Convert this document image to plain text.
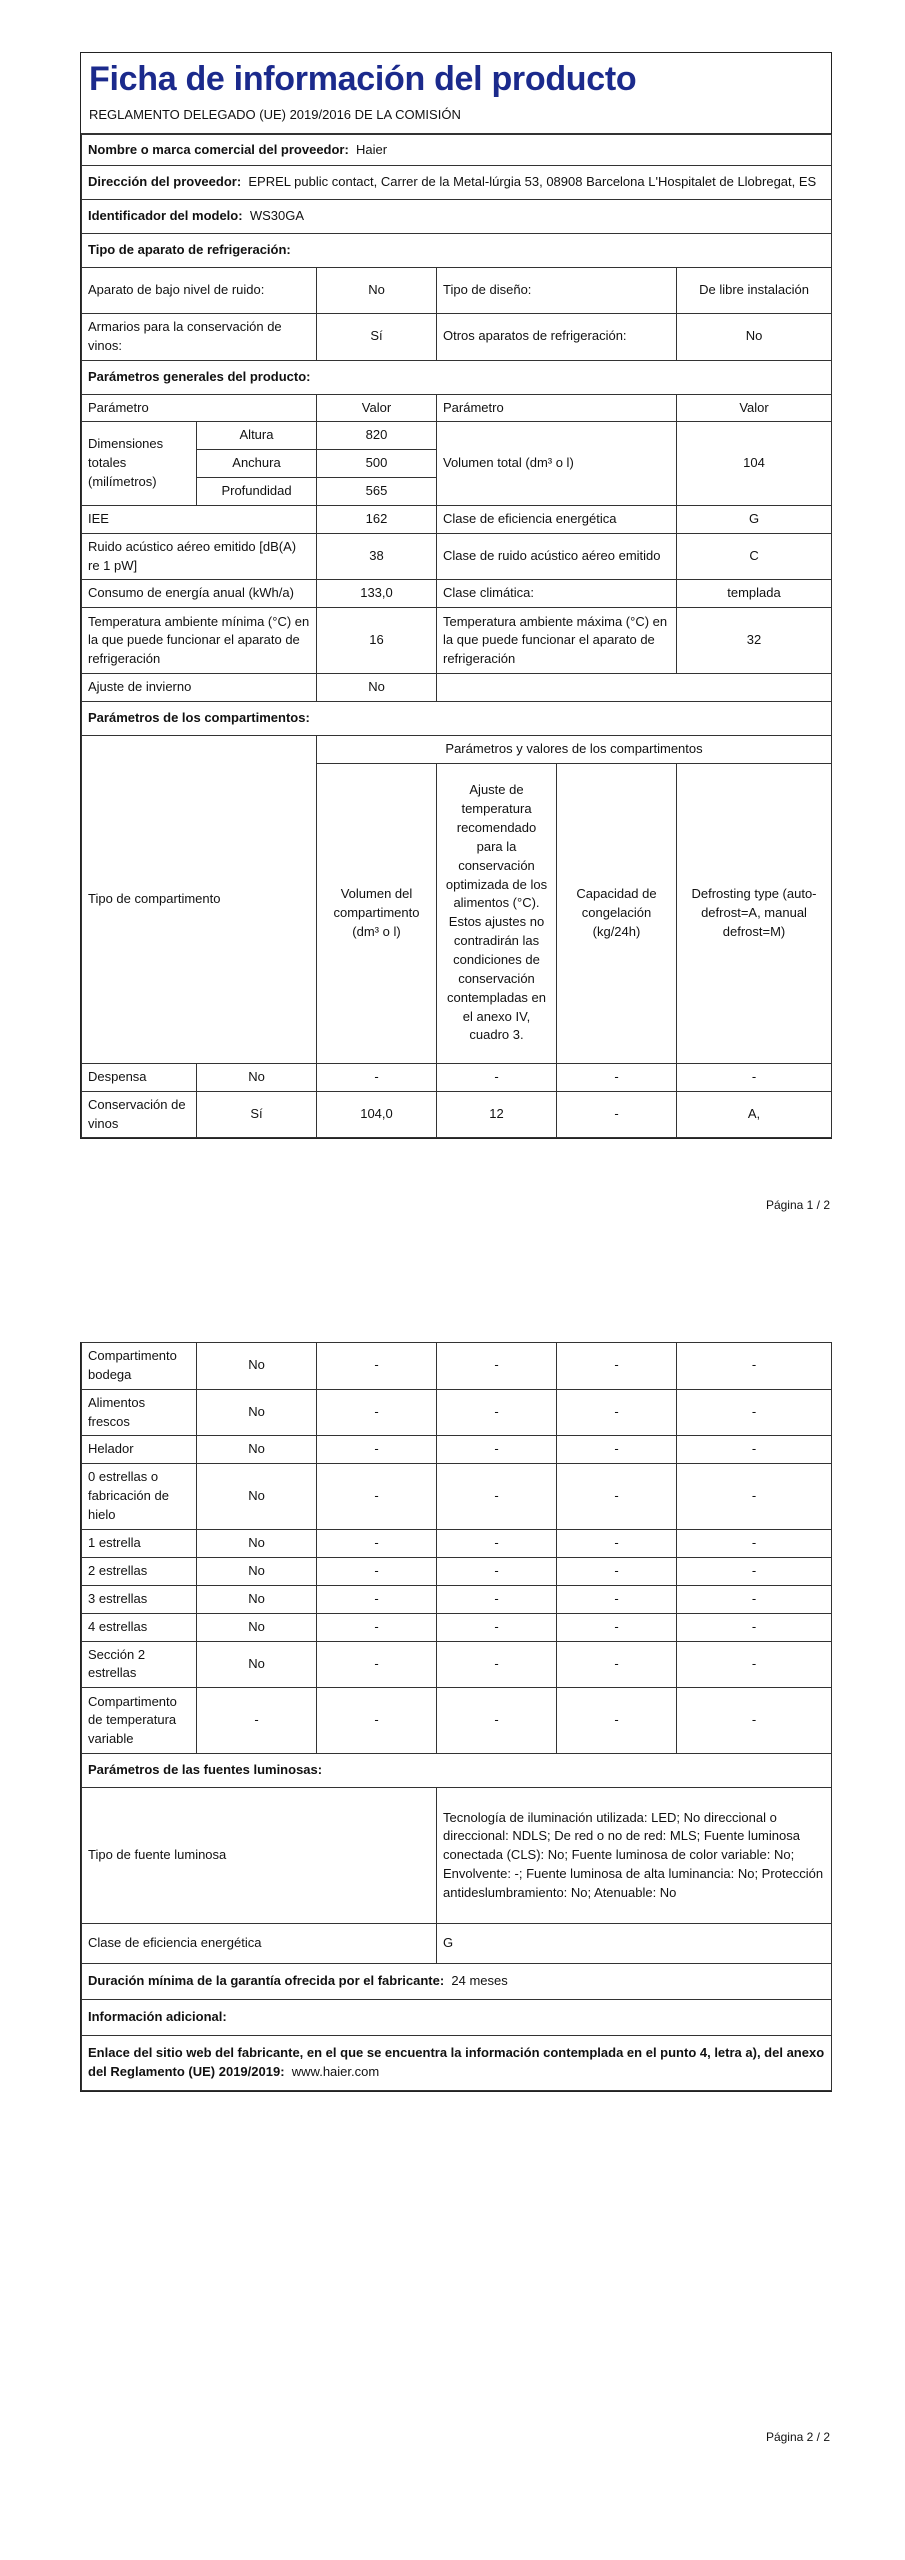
Ficha de información del producto
REGLAMENTO DELEGADO (UE) 2019/2016 DE LA COMISIÓN
Nombre o marca comercial del proveedor: Haier					
Dirección del proveedor: EPREL public contact, Carrer de la Metal-lúrgia 53, 08908 Barcelona L'Hospitalet de Llobregat, ES					
Identificador del modelo: WS30GA					
Tipo de aparato de refrigeración:					
Aparato de bajo nivel de ruido:		No	Tipo de diseño:		De libre instalación
Armarios para la conservación de vinos:		Sí	Otros aparatos de refrigeración:		No
Parámetros generales del producto:					
Parámetro		Valor	Parámetro		Valor
Dimensiones totales (milímetros)	Altura	820	Volumen total (dm³ o l)		104
	Anchura	500			
	Profundidad	565			
IEE		162	Clase de eficiencia energética		G
Ruido acústico aéreo emitido [dB(A) re 1 pW]		38	Clase de ruido acústico aéreo emitido		C
Consumo de energía anual (kWh/a)		133,0	Clase climática:		templada
Temperatura ambiente mínima (°C) en la que puede funcionar el aparato de refrigeración		16	Temperatura ambiente máxima (°C) en la que puede funcionar el aparato de refrigeración		32
Ajuste de invierno		No			
Parámetros de los compartimentos:					
Tipo de compartimento		Parámetros y valores de los compartimentos			
		Volumen del compartimento (dm³ o l)	Ajuste de temperatura recomendado para la conservación optimizada de los alimentos (°C). Estos ajustes no contradirán las condiciones de conservación contempladas en el anexo IV, cuadro 3.	Capacidad de congelación (kg/24h)	Defrosting type (auto-defrost=A, manual defrost=M)
Despensa	No	-	-	-	-
Conservación de vinos	Sí	104,0	12	-	A,
Página 1 / 2
Compartimento bodega	No	-	-	-	-
Alimentos frescos	No	-	-	-	-
Helador	No	-	-	-	-
0 estrellas o fabricación de hielo	No	-	-	-	-
1 estrella	No	-	-	-	-
2 estrellas	No	-	-	-	-
3 estrellas	No	-	-	-	-
4 estrellas	No	-	-	-	-
Sección 2 estrellas	No	-	-	-	-
Compartimento de temperatura variable	-	-	-	-	-
Parámetros de las fuentes luminosas:					
Tipo de fuente luminosa			Tecnología de iluminación utilizada: LED; No direccional o direccional: NDLS; De red o no de red: MLS; Fuente luminosa conectada (CLS): No; Fuente luminosa de color variable: No; Envolvente: -; Fuente luminosa de alta luminancia: No; Protección antideslumbramiento: No; Atenuable: No		
Clase de eficiencia energética			G		
Duración mínima de la garantía ofrecida por el fabricante: 24 meses					
Información adicional:					
Enlace del sitio web del fabricante, en el que se encuentra la información contemplada en el punto 4, letra a), del anexo del Reglamento (UE) 2019/2019: www.haier.com					
Página 2 / 2
